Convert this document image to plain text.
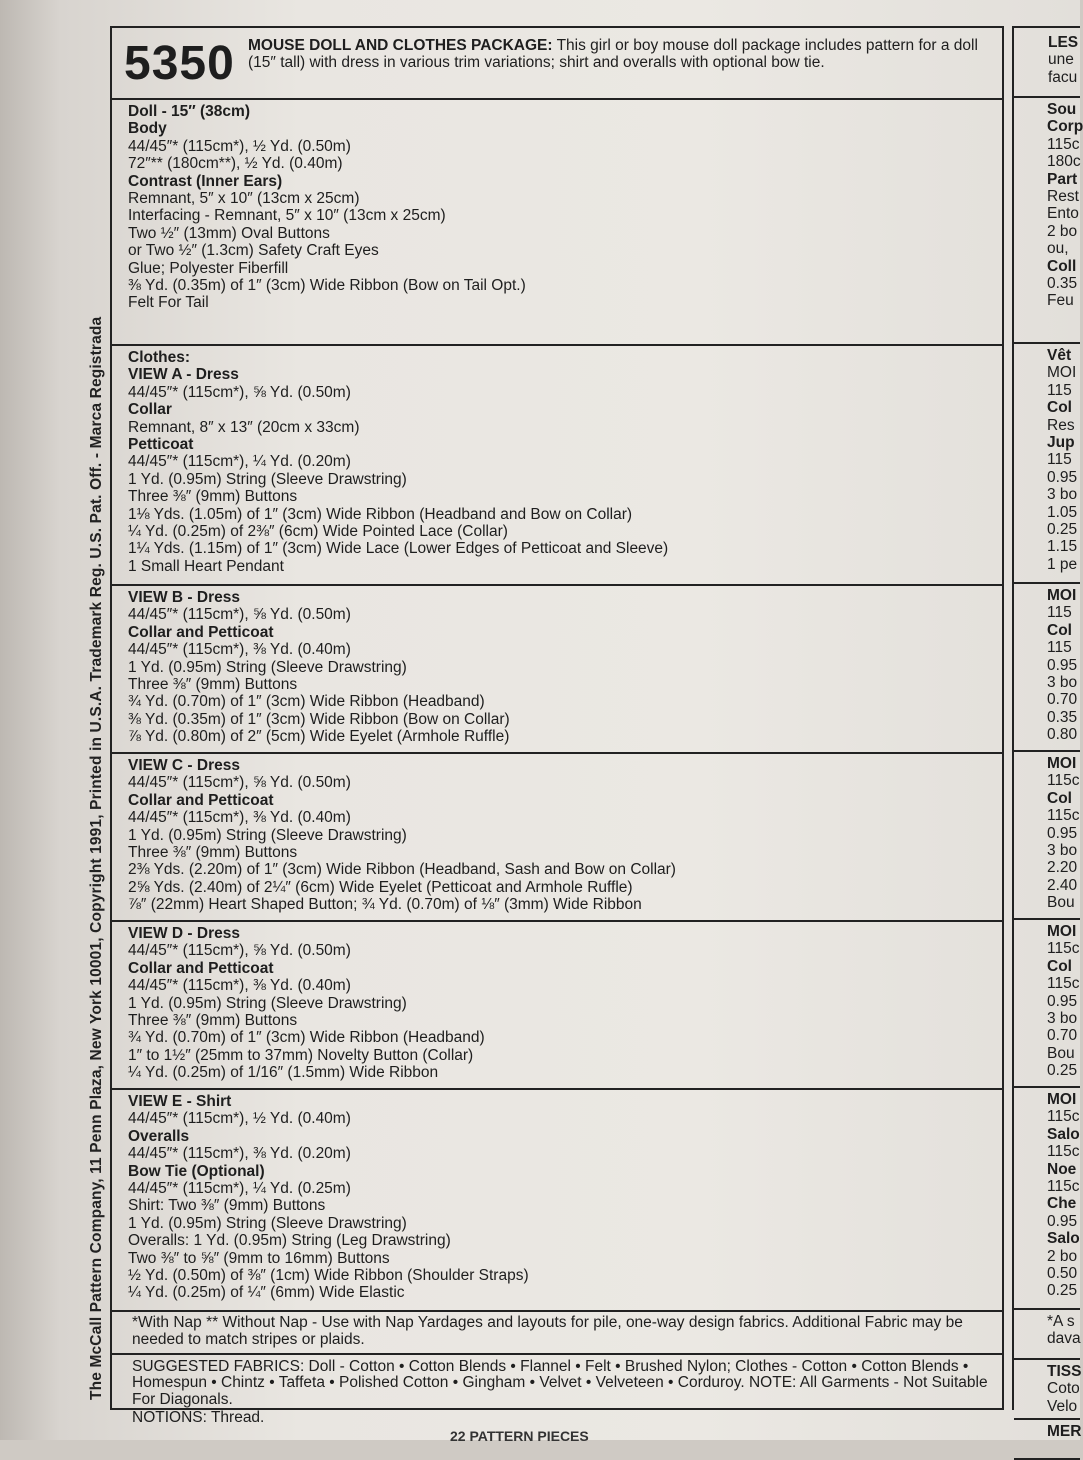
The McCall Pattern Company, 11 Penn Plaza, New York 10001, Copyright 1991, Printed in U.S.A. Trademark Reg. U.S. Pat. Off. - Marca Registrada
5350 MOUSE DOLL AND CLOTHES PACKAGE: This girl or boy mouse doll package includes pattern for a doll (15″ tall) with dress in various trim variations; shirt and overalls with optional bow tie.
Doll - 15″ (38cm)
Body
44/45″* (115cm*), ½ Yd. (0.50m)
72″** (180cm**), ½ Yd. (0.40m)
Contrast (Inner Ears)
Remnant, 5″ x 10″ (13cm x 25cm)
Interfacing - Remnant, 5″ x 10″ (13cm x 25cm)
Two ½″ (13mm) Oval Buttons
or Two ½″ (1.3cm) Safety Craft Eyes
Glue; Polyester Fiberfill
⅜ Yd. (0.35m) of 1″ (3cm) Wide Ribbon (Bow on Tail Opt.)
Felt For Tail
Clothes:
VIEW A - Dress
44/45″* (115cm*), ⅝ Yd. (0.50m)
Collar
Remnant, 8″ x 13″ (20cm x 33cm)
Petticoat
44/45″* (115cm*), ¼ Yd. (0.20m)
1 Yd. (0.95m) String (Sleeve Drawstring)
Three ⅜″ (9mm) Buttons
1⅛ Yds. (1.05m) of 1″ (3cm) Wide Ribbon (Headband and Bow on Collar)
¼ Yd. (0.25m) of 2⅜″ (6cm) Wide Pointed Lace (Collar)
1¼ Yds. (1.15m) of 1″ (3cm) Wide Lace (Lower Edges of Petticoat and Sleeve)
1 Small Heart Pendant
VIEW B - Dress
44/45″* (115cm*), ⅝ Yd. (0.50m)
Collar and Petticoat
44/45″* (115cm*), ⅜ Yd. (0.40m)
1 Yd. (0.95m) String (Sleeve Drawstring)
Three ⅜″ (9mm) Buttons
¾ Yd. (0.70m) of 1″ (3cm) Wide Ribbon (Headband)
⅜ Yd. (0.35m) of 1″ (3cm) Wide Ribbon (Bow on Collar)
⅞ Yd. (0.80m) of 2″ (5cm) Wide Eyelet (Armhole Ruffle)
VIEW C - Dress
44/45″* (115cm*), ⅝ Yd. (0.50m)
Collar and Petticoat
44/45″* (115cm*), ⅜ Yd. (0.40m)
1 Yd. (0.95m) String (Sleeve Drawstring)
Three ⅜″ (9mm) Buttons
2⅜ Yds. (2.20m) of 1″ (3cm) Wide Ribbon (Headband, Sash and Bow on Collar)
2⅝ Yds. (2.40m) of 2¼″ (6cm) Wide Eyelet (Petticoat and Armhole Ruffle)
⅞″ (22mm) Heart Shaped Button; ¾ Yd. (0.70m) of ⅛″ (3mm) Wide Ribbon
VIEW D - Dress
44/45″* (115cm*), ⅝ Yd. (0.50m)
Collar and Petticoat
44/45″* (115cm*), ⅜ Yd. (0.40m)
1 Yd. (0.95m) String (Sleeve Drawstring)
Three ⅜″ (9mm) Buttons
¾ Yd. (0.70m) of 1″ (3cm) Wide Ribbon (Headband)
1″ to 1½″ (25mm to 37mm) Novelty Button (Collar)
¼ Yd. (0.25m) of 1/16″ (1.5mm) Wide Ribbon
VIEW E - Shirt
44/45″* (115cm*), ½ Yd. (0.40m)
Overalls
44/45″* (115cm*), ⅜ Yd. (0.20m)
Bow Tie (Optional)
44/45″* (115cm*), ¼ Yd. (0.25m)
Shirt: Two ⅜″ (9mm) Buttons
1 Yd. (0.95m) String (Sleeve Drawstring)
Overalls: 1 Yd. (0.95m) String (Leg Drawstring)
Two ⅜″ to ⅝″ (9mm to 16mm) Buttons
½ Yd. (0.50m) of ⅜″ (1cm) Wide Ribbon (Shoulder Straps)
¼ Yd. (0.25m) of ¼″ (6mm) Wide Elastic
*With Nap ** Without Nap - Use with Nap Yardages and layouts for pile, one-way design fabrics. Additional Fabric may be needed to match stripes or plaids.
SUGGESTED FABRICS: Doll - Cotton • Cotton Blends • Flannel • Felt • Brushed Nylon; Clothes - Cotton • Cotton Blends • Homespun • Chintz • Taffeta • Polished Cotton • Gingham • Velvet • Velveteen • Corduroy. NOTE: All Garments - Not Suitable For Diagonals.
NOTIONS: Thread.
LES
une
facu
Sou
Corp
115c
180c
Part
Rest
Ento
2 bo
ou,
Coll
0.35
Feu
Vêt
MOI
115
Col
Res
Jup
115
0.95
3 bo
1.05
0.25
1.15
1 pe
MOI
115
Col
115
0.95
3 bo
0.70
0.35
0.80
MOI
115c
Col
115c
0.95
3 bo
2.20
2.40
Bou
MOI
115c
Col
115c
0.95
3 bo
0.70
Bou
0.25
MOI
115c
Salo
115c
Noe
115c
Che
0.95
Salo
2 bo
0.50
0.25
*A s
dava
TISS
Coto
Velo
MER
22 PATTERN PIECES
